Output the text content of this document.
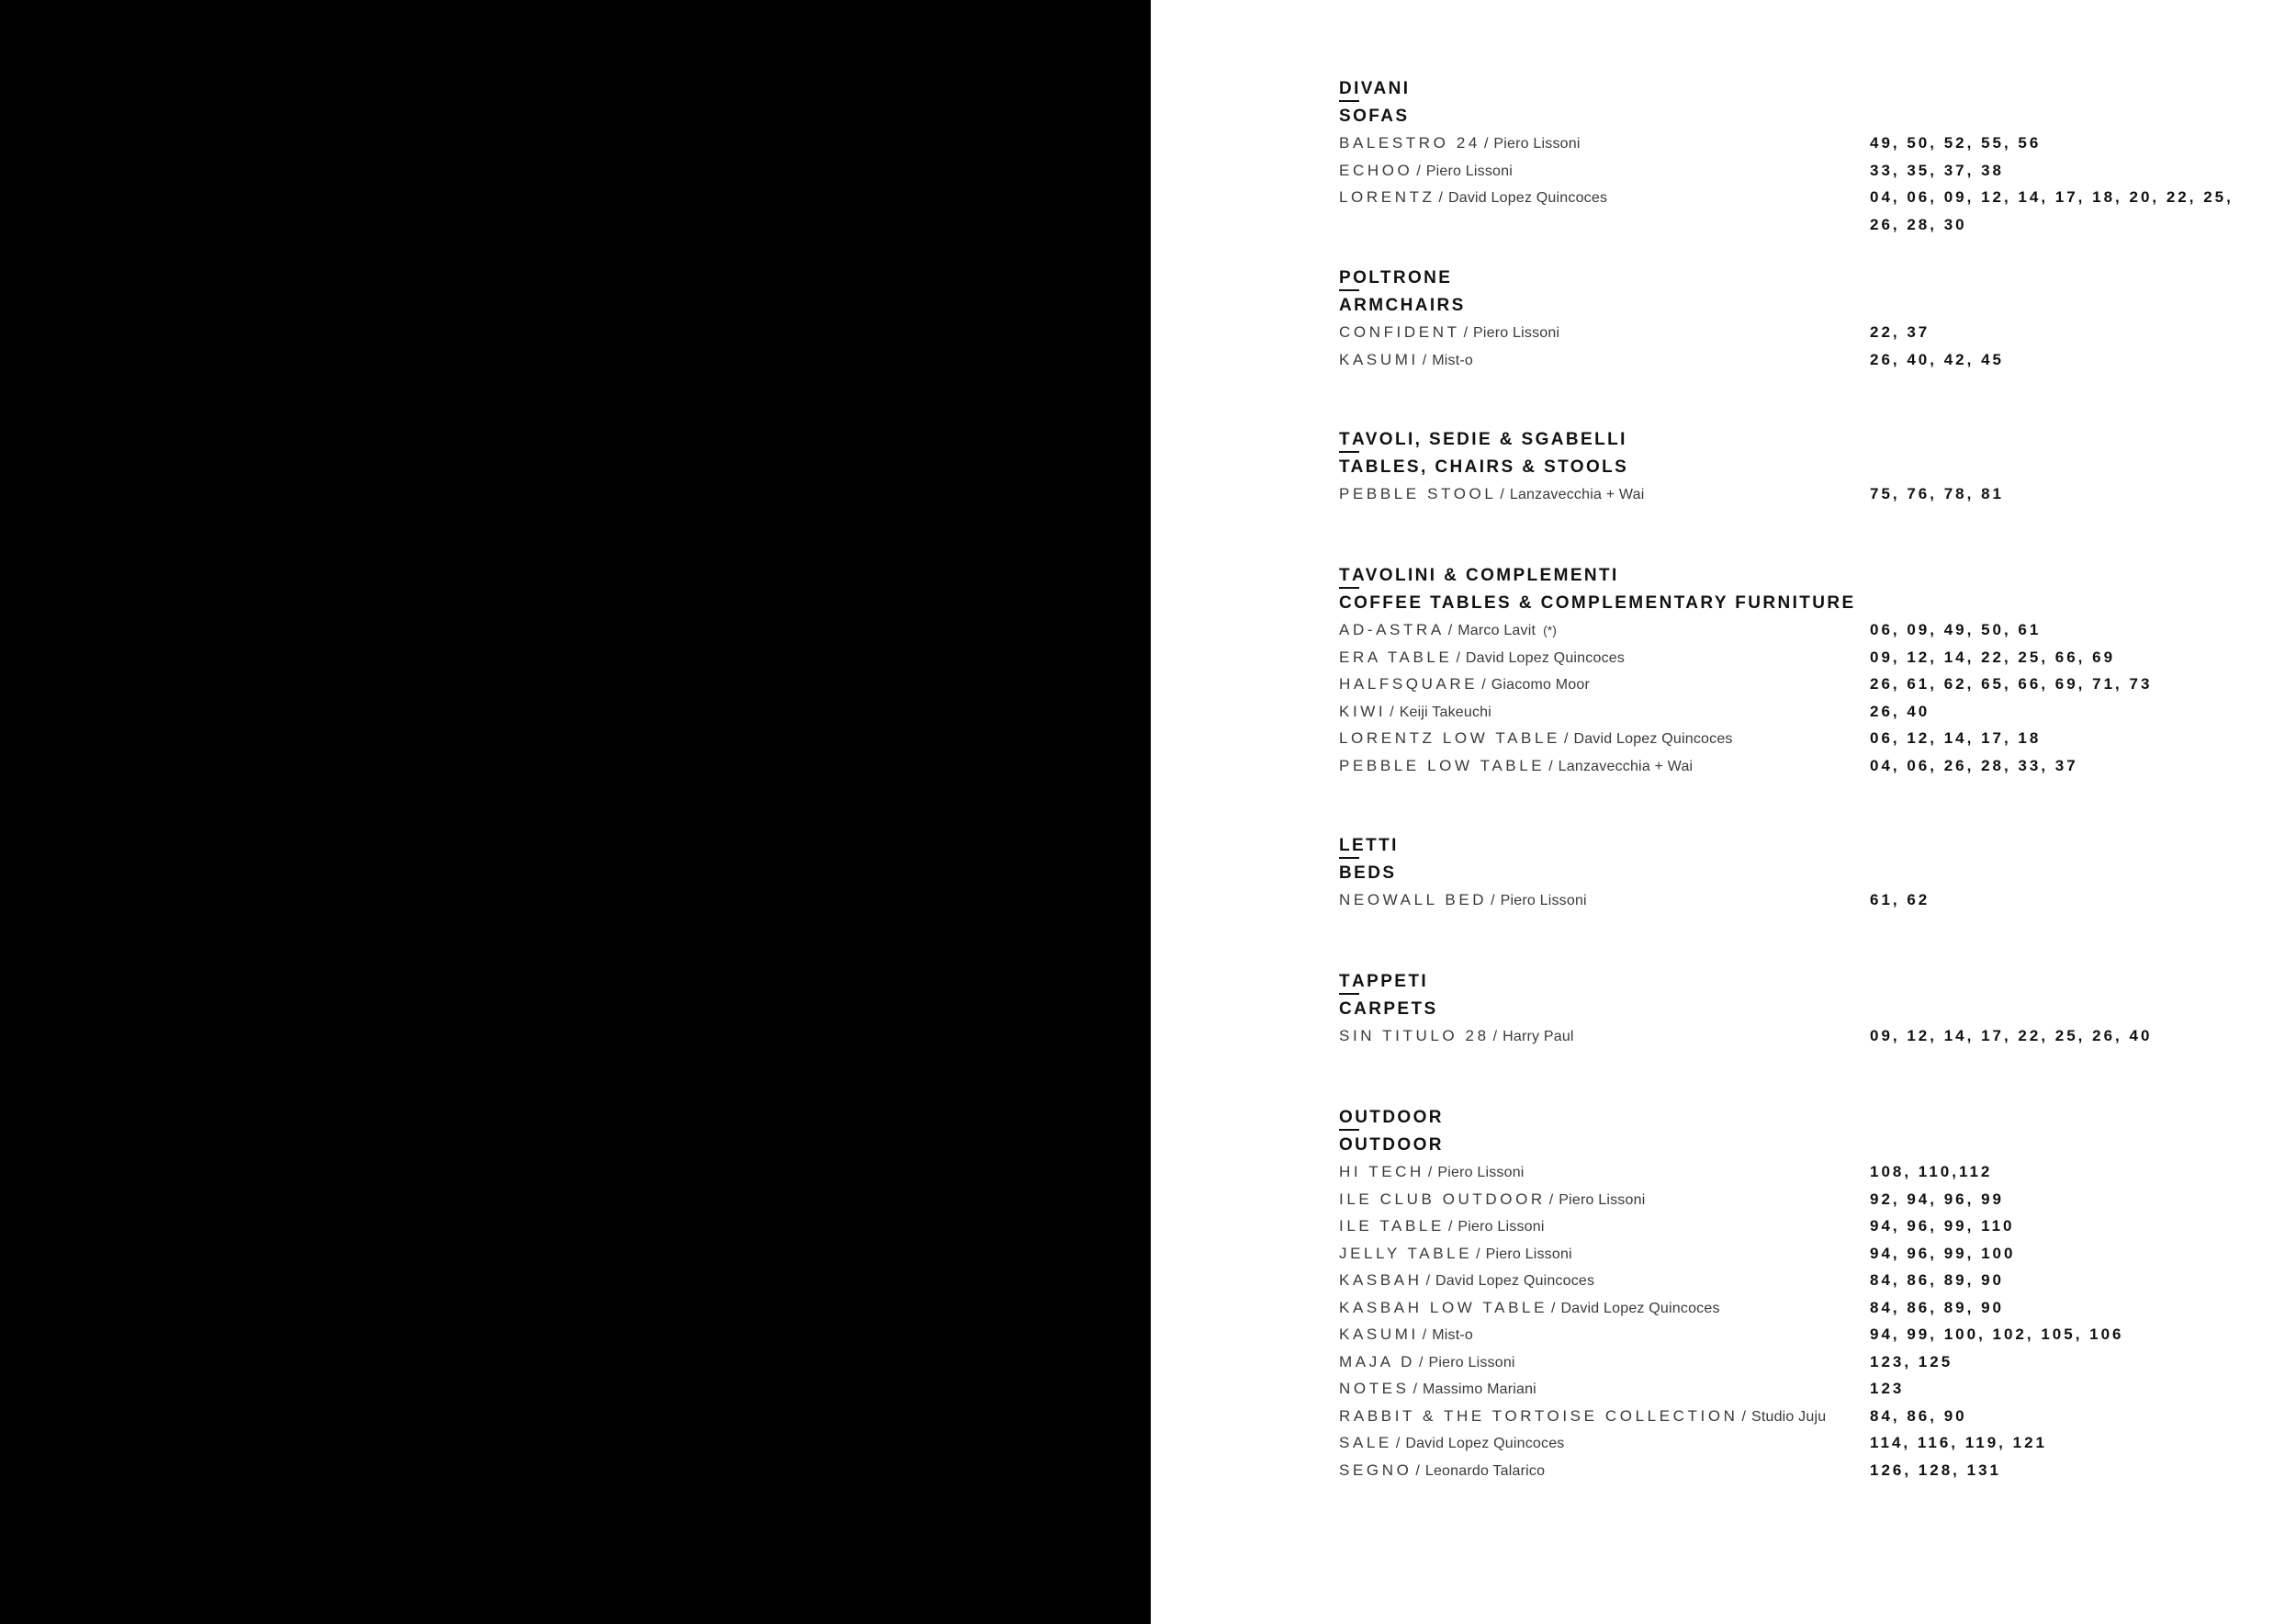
DIVANI
SOFAS
BALESTRO 24 / Piero Lissoni	49, 50, 52, 55, 56
ECHOO / Piero Lissoni	33, 35, 37, 38
LORENTZ / David Lopez Quincoces	04, 06, 09, 12, 14, 17, 18, 20, 22, 25, 26, 28, 30
POLTRONE
ARMCHAIRS
CONFIDENT / Piero Lissoni	22, 37
KASUMI / Mist-o	26, 40, 42, 45
TAVOLI, SEDIE & SGABELLI
TABLES, CHAIRS & STOOLS
PEBBLE STOOL / Lanzavecchia + Wai	75, 76, 78, 81
TAVOLINI & COMPLEMENTI
COFFEE TABLES & COMPLEMENTARY FURNITURE
AD-ASTRA / Marco Lavit (*)	06, 09, 49, 50, 61
ERA TABLE / David Lopez Quincoces	09, 12, 14, 22, 25, 66, 69
HALFSQUARE / Giacomo Moor	26, 61, 62, 65, 66, 69, 71, 73
KIWI / Keiji Takeuchi	26, 40
LORENTZ LOW TABLE / David Lopez Quincoces	06, 12, 14, 17, 18
PEBBLE LOW TABLE / Lanzavecchia + Wai	04, 06, 26, 28, 33, 37
LETTI
BEDS
NEOWALL BED / Piero Lissoni	61, 62
TAPPETI
CARPETS
SIN TITULO 28 / Harry Paul	09, 12, 14, 17, 22, 25, 26, 40
OUTDOOR
OUTDOOR
HI TECH / Piero Lissoni	108, 110,112
ILE CLUB OUTDOOR / Piero Lissoni	92, 94, 96, 99
ILE TABLE / Piero Lissoni	94, 96, 99, 110
JELLY TABLE / Piero Lissoni	94, 96, 99, 100
KASBAH / David Lopez Quincoces	84, 86, 89, 90
KASBAH LOW TABLE / David Lopez Quincoces	84, 86, 89, 90
KASUMI / Mist-o	94, 99, 100, 102, 105, 106
MAJA D / Piero Lissoni	123, 125
NOTES / Massimo Mariani	123
RABBIT & THE TORTOISE COLLECTION / Studio Juju	84, 86, 90
SALE / David Lopez Quincoces	114, 116, 119, 121
SEGNO / Leonardo Talarico	126, 128, 131
